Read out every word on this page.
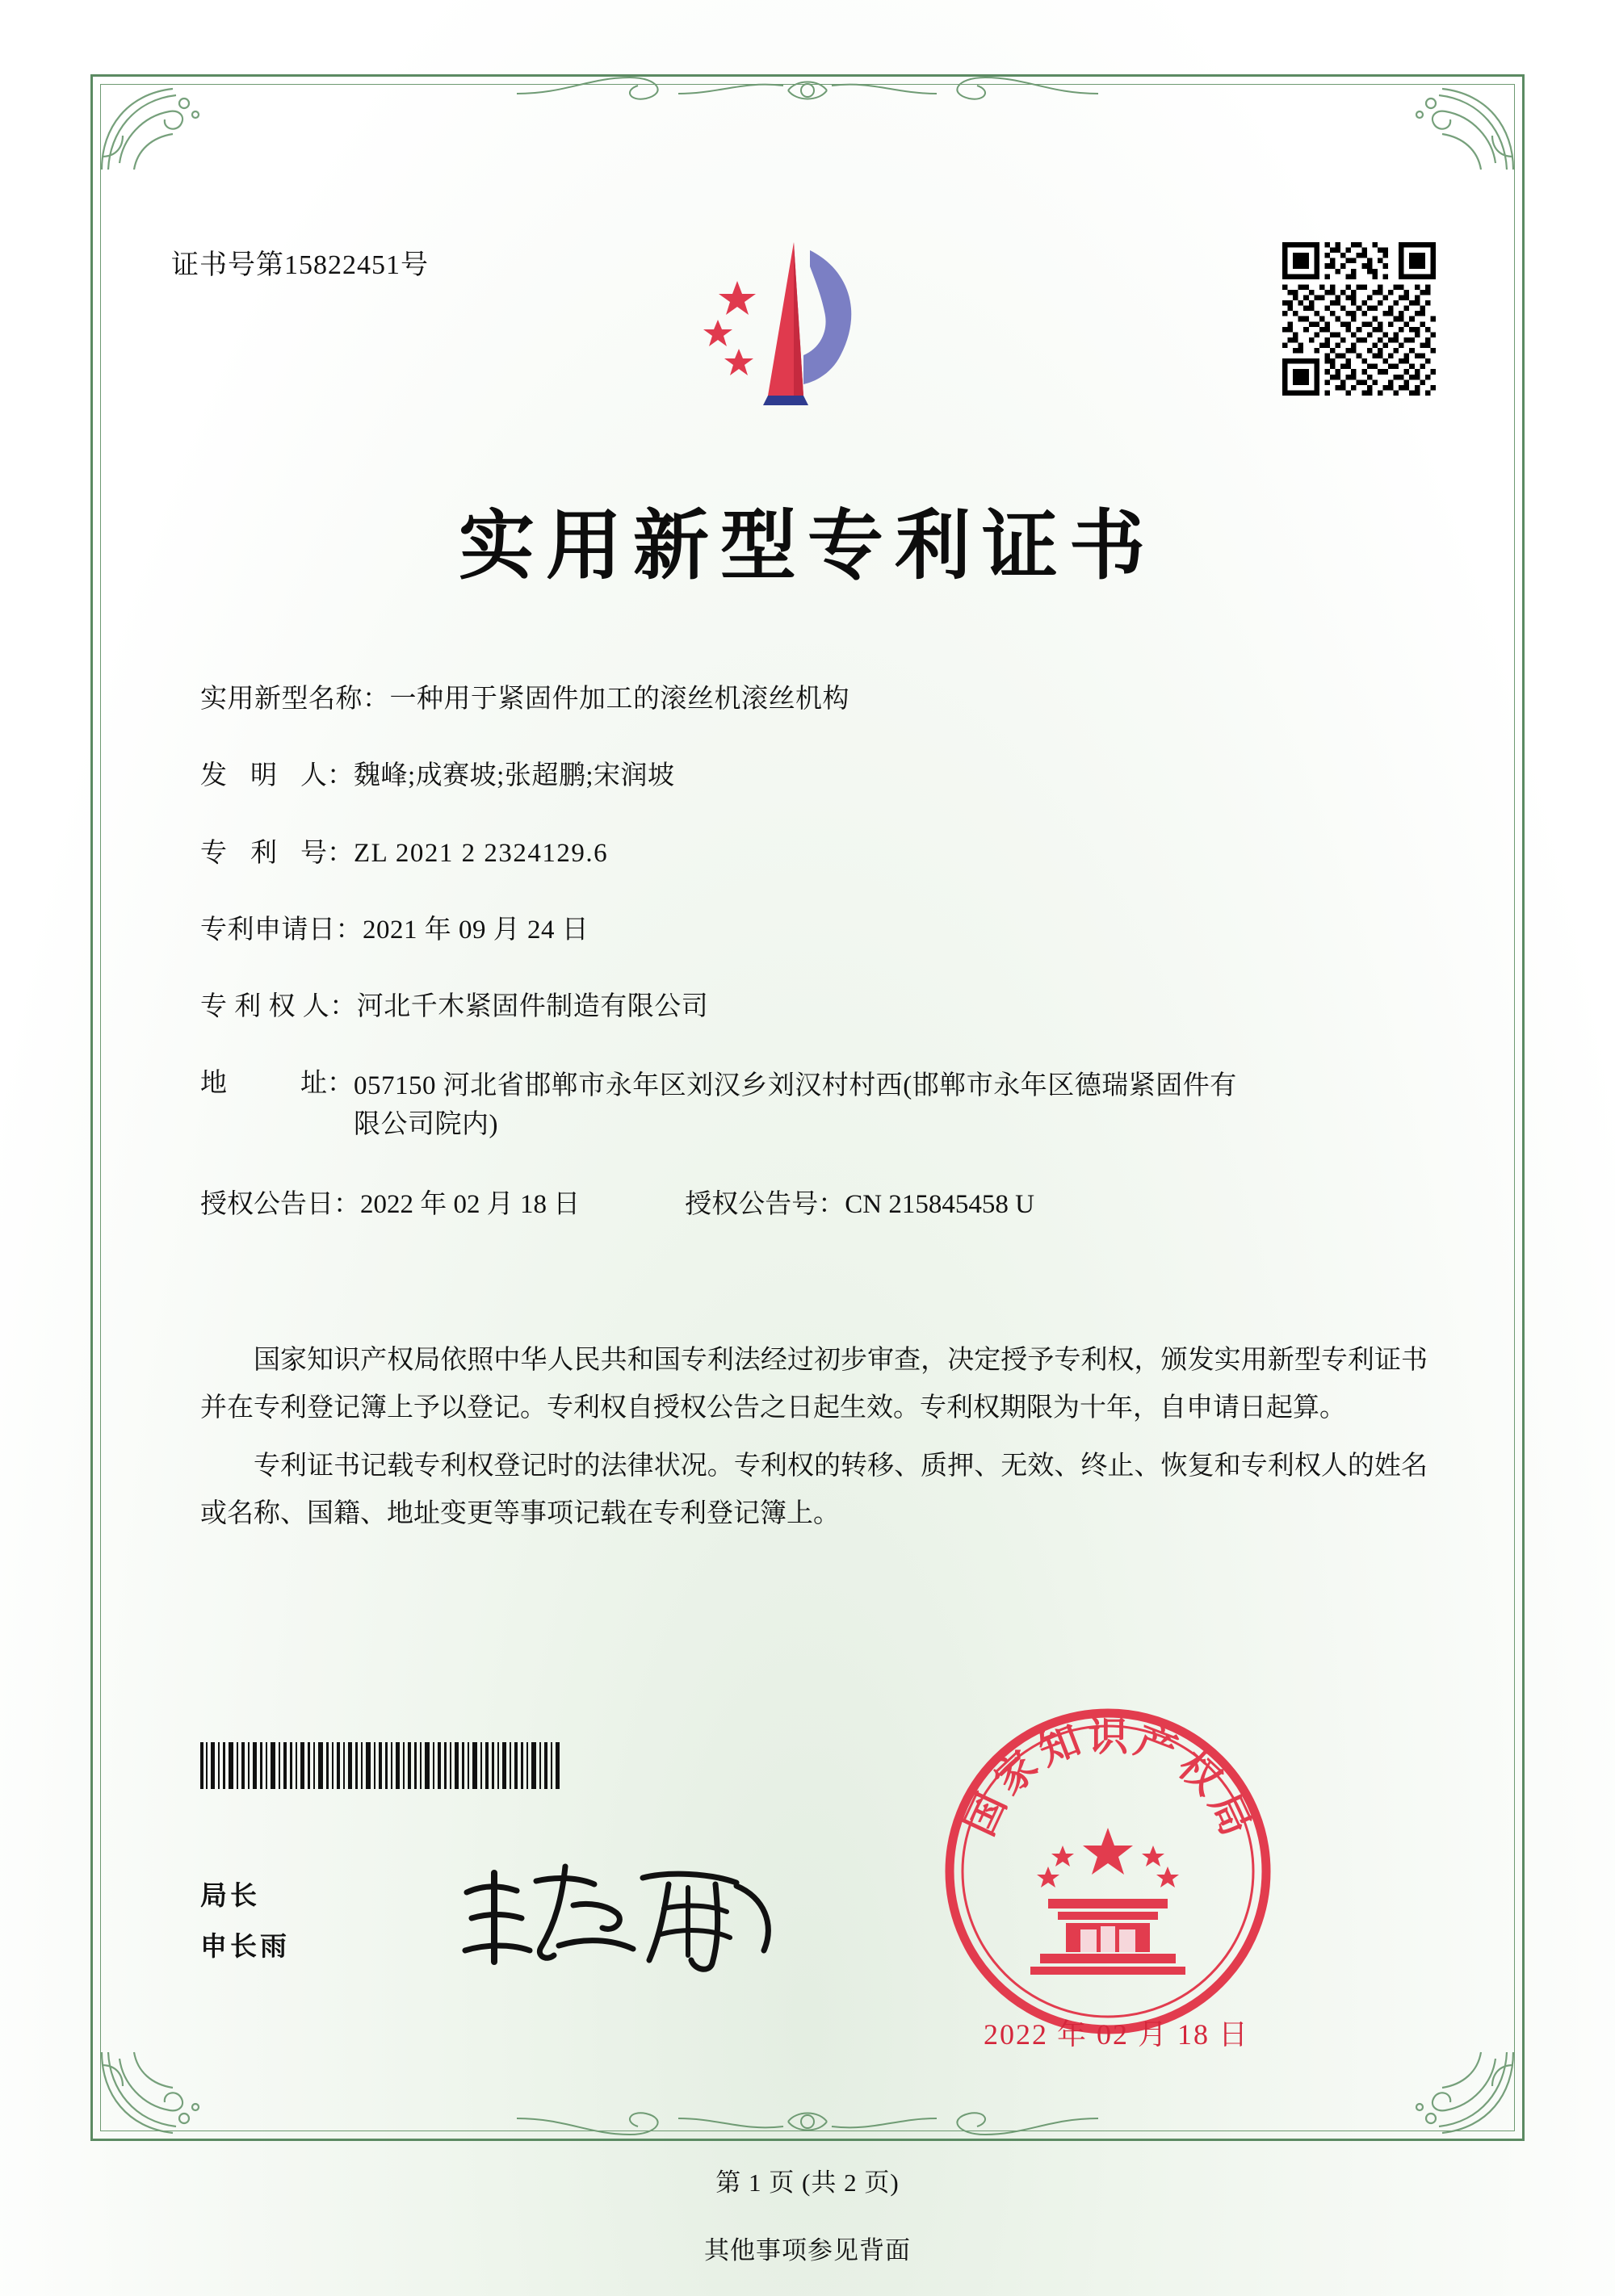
证书号第15822451号
实用新型专利证书
实用新型名称： 一种用于紧固件加工的滚丝机滚丝机构
发 明 人： 魏峰;成赛坡;张超鹏;宋润坡
专 利 号： ZL 2021 2 2324129.6
专利申请日： 2021 年 09 月 24 日
专 利 权 人： 河北千木紧固件制造有限公司
地	址： 057150 河北省邯郸市永年区刘汉乡刘汉村村西(邯郸市永年区德瑞紧固件有限公司院内)
授权公告日：2022 年 02 月 18 日	授权公告号：CN 215845458 U

国家知识产权局依照中华人民共和国专利法经过初步审查，决定授予专利权，颁发实用新型专利证书并在专利登记簿上予以登记。专利权自授权公告之日起生效。专利权期限为十年，自申请日起算。

专利证书记载专利权登记时的法律状况。专利权的转移、质押、无效、终止、恢复和专利权人的姓名或名称、国籍、地址变更等事项记载在专利登记簿上。

局长
申长雨
国
家
知 识 产
权
局
2022 年 02 月 18 日
第 1 页 (共 2 页)
其他事项参见背面
